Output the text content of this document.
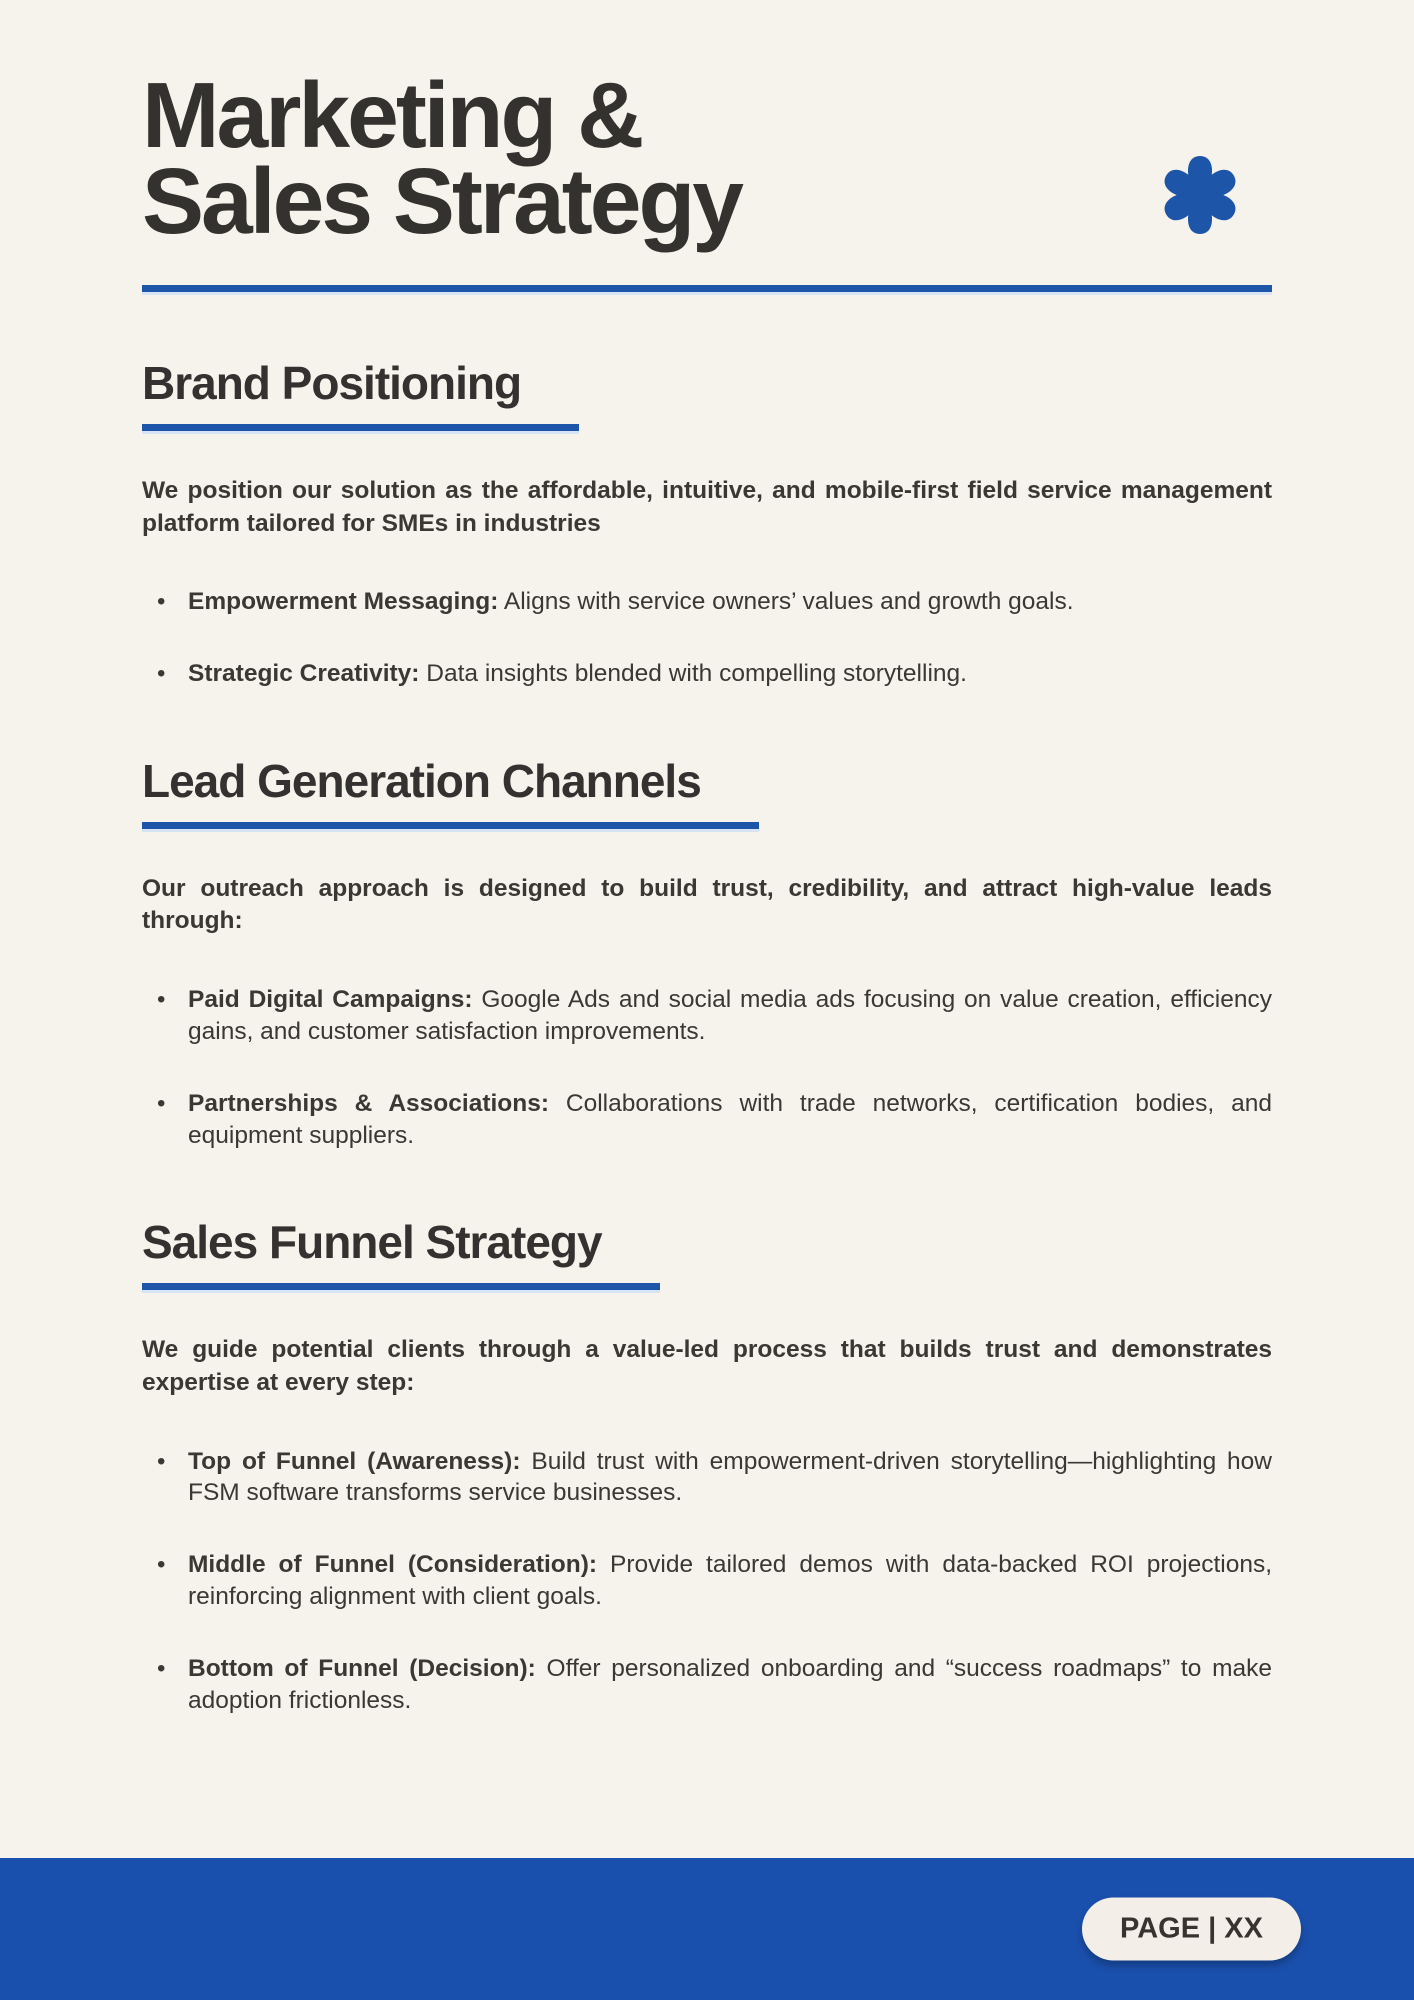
Marketing &
Sales Strategy
Brand Positioning
We position our solution as the affordable, intuitive, and mobile-first field service management platform tailored for SMEs in industries
• Empowerment Messaging: Aligns with service owners’ values and growth goals.
• Strategic Creativity: Data insights blended with compelling storytelling.
Lead Generation Channels
Our outreach approach is designed to build trust, credibility, and attract high-value leads through:
• Paid Digital Campaigns: Google Ads and social media ads focusing on value creation, efficiency gains, and customer satisfaction improvements.
• Partnerships & Associations: Collaborations with trade networks, certification bodies, and equipment suppliers.
Sales Funnel Strategy
We guide potential clients through a value-led process that builds trust and demonstrates expertise at every step:
• Top of Funnel (Awareness): Build trust with empowerment-driven storytelling—highlighting how FSM software transforms service businesses.
• Middle of Funnel (Consideration): Provide tailored demos with data-backed ROI projections, reinforcing alignment with client goals.
• Bottom of Funnel (Decision): Offer personalized onboarding and “success roadmaps” to make adoption frictionless.
PAGE | XX
